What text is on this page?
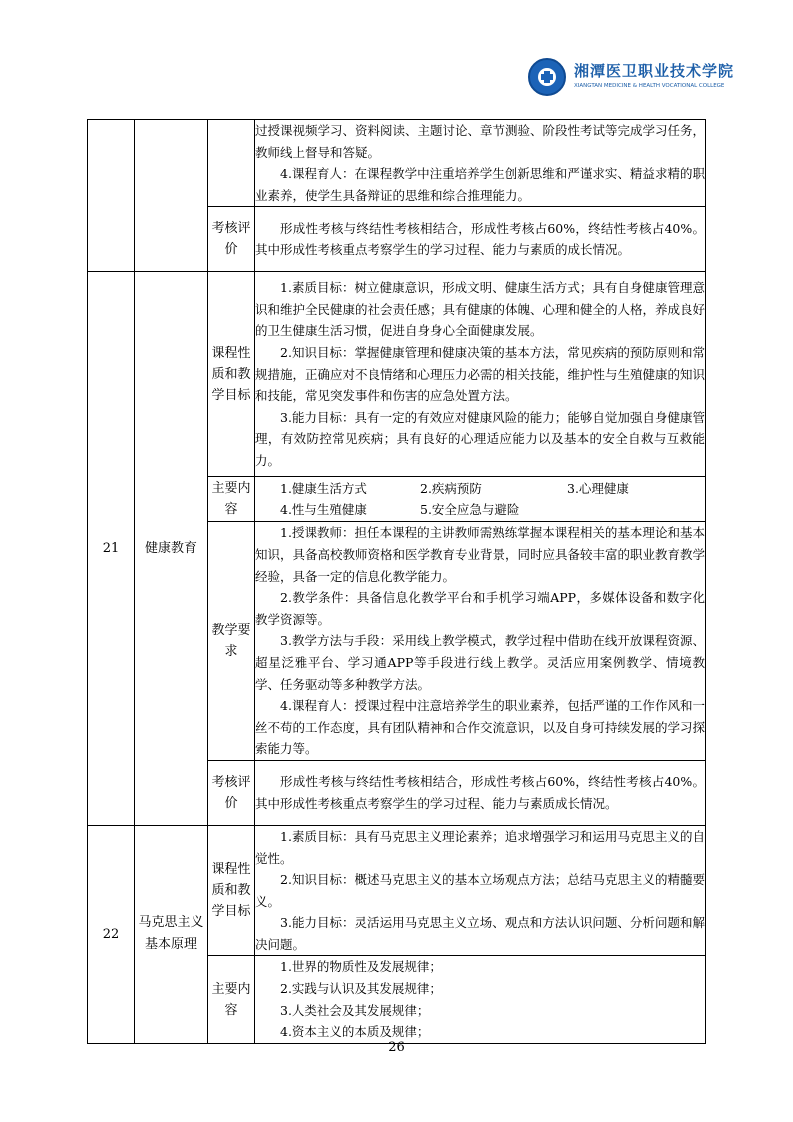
湘潭医卫职业技术学院
XIANGTAN MEDICINE & HEALTH VOCATIONAL COLLEGE

			过授课视频学习、资料阅读、主题讨论、章节测验、阶段性考试等完成学习任务，教师线上督导和答疑。
4.课程育人：在课程教学中注重培养学生创新思维和严谨求实、精益求精的职业素养，使学生具备辩证的思维和综合推理能力。

		考核评价	形成性考核与终结性考核相结合，形成性考核占60%，终结性考核占40%。其中形成性考核重点考察学生的学习过程、能力与素质的成长情况。

21	健康教育	课程性质和教学目标	1.素质目标：树立健康意识，形成文明、健康生活方式；具有自身健康管理意识和维护全民健康的社会责任感；具有健康的体魄、心理和健全的人格，养成良好的卫生健康生活习惯，促进自身身心全面健康发展。
2.知识目标：掌握健康管理和健康决策的基本方法，常见疾病的预防原则和常规措施，正确应对不良情绪和心理压力必需的相关技能，维护性与生殖健康的知识和技能，常见突发事件和伤害的应急处置方法。
3.能力目标：具有一定的有效应对健康风险的能力；能够自觉加强自身健康管理，有效防控常见疾病；具有良好的心理适应能力以及基本的安全自救与互救能力。

		主要内容	1.健康生活方式 2.疾病预防 3.心理健康
4.性与生殖健康 5.安全应急与避险

		教学要求	1.授课教师：担任本课程的主讲教师需熟练掌握本课程相关的基本理论和基本知识，具备高校教师资格和医学教育专业背景，同时应具备较丰富的职业教育教学经验，具备一定的信息化教学能力。
2.教学条件：具备信息化教学平台和手机学习端APP，多媒体设备和数字化教学资源等。
3.教学方法与手段：采用线上教学模式，教学过程中借助在线开放课程资源、超星泛雅平台、学习通APP等手段进行线上教学。灵活应用案例教学、情境教学、任务驱动等多种教学方法。
4.课程育人：授课过程中注意培养学生的职业素养，包括严谨的工作作风和一丝不苟的工作态度，具有团队精神和合作交流意识，以及自身可持续发展的学习探索能力等。

		考核评价	形成性考核与终结性考核相结合，形成性考核占60%，终结性考核占40%。其中形成性考核重点考察学生的学习过程、能力与素质成长情况。

22	马克思主义基本原理	课程性质和教学目标	1.素质目标：具有马克思主义理论素养；追求增强学习和运用马克思主义的自觉性。
2.知识目标：概述马克思主义的基本立场观点方法；总结马克思主义的精髓要义。
3.能力目标：灵活运用马克思主义立场、观点和方法认识问题、分析问题和解决问题。

		主要内容	1.世界的物质性及发展规律；
2.实践与认识及其发展规律；
3.人类社会及其发展规律；
4.资本主义的本质及规律；
26
